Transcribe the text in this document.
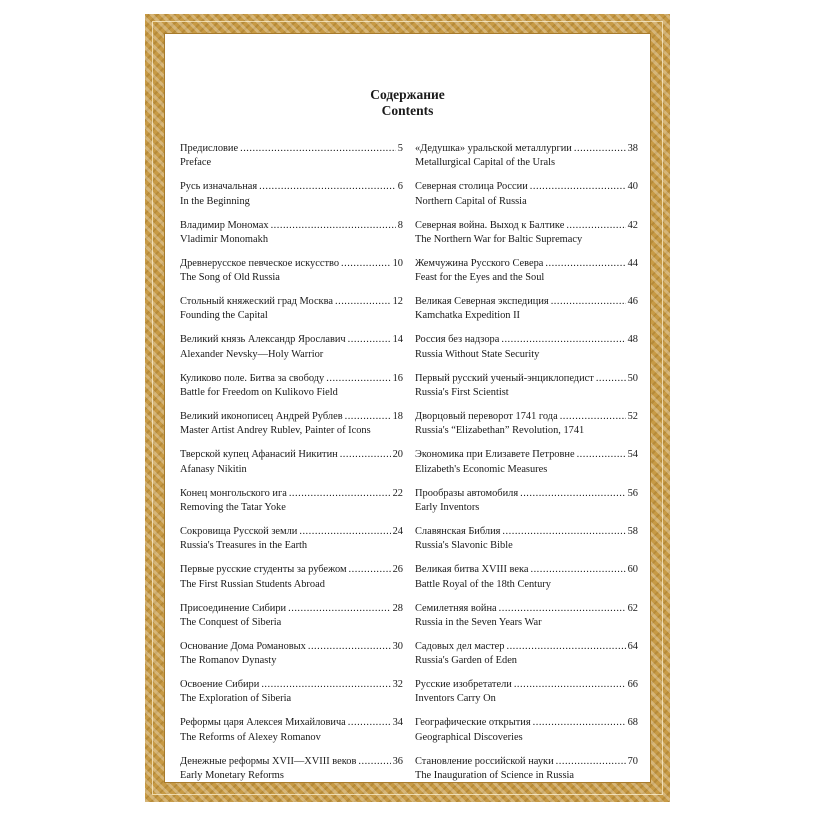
Содержание
Contents
Предисловие .....	5
Preface
Русь изначальная .....	6
In the Beginning
Владимир Мономах .....	8
Vladimir Monomakh
Древнерусское певческое искусство .....	10
The Song of Old Russia
Стольный княжеский град Москва .....	12
Founding the Capital
Великий князь Александр Ярославич .....	14
Alexander Nevsky—Holy Warrior
Куликово поле. Битва за свободу .....	16
Battle for Freedom on Kulikovo Field
Великий иконописец Андрей Рублев .....	18
Master Artist Andrey Rublev, Painter of Icons
Тверской купец Афанасий Никитин .....	20
Afanasy Nikitin
Конец монгольского ига .....	22
Removing the Tatar Yoke
Сокровища Русской земли .....	24
Russia's Treasures in the Earth
Первые русские студенты за рубежом .....	26
The First Russian Students Abroad
Присоединение Сибири .....	28
The Conquest of Siberia
Основание Дома Романовых .....	30
The Romanov Dynasty
Освоение Сибири .....	32
The Exploration of Siberia
Реформы царя Алексея Михайловича .....	34
The Reforms of Alexey Romanov
Денежные реформы XVII—XVIII веков .....	36
Early Monetary Reforms
«Дедушка» уральской металлургии .....	38
Metallurgical Capital of the Urals
Северная столица России .....	40
Northern Capital of Russia
Северная война. Выход к Балтике .....	42
The Northern War for Baltic Supremacy
Жемчужина Русского Севера .....	44
Feast for the Eyes and the Soul
Великая Северная экспедиция .....	46
Kamchatka Expedition II
Россия без надзора .....	48
Russia Without State Security
Первый русский ученый-энциклопедист .....	50
Russia's First Scientist
Дворцовый переворот 1741 года .....	52
Russia's “Elizabethan” Revolution, 1741
Экономика при Елизавете Петровне .....	54
Elizabeth's Economic Measures
Прообразы автомобиля .....	56
Early Inventors
Славянская Библия .....	58
Russia's Slavonic Bible
Великая битва XVIII века .....	60
Battle Royal of the 18th Century
Семилетняя война .....	62
Russia in the Seven Years War
Садовых дел мастер .....	64
Russia's Garden of Eden
Русские изобретатели .....	66
Inventors Carry On
Географические открытия .....	68
Geographical Discoveries
Становление российской науки .....	70
The Inauguration of Science in Russia
